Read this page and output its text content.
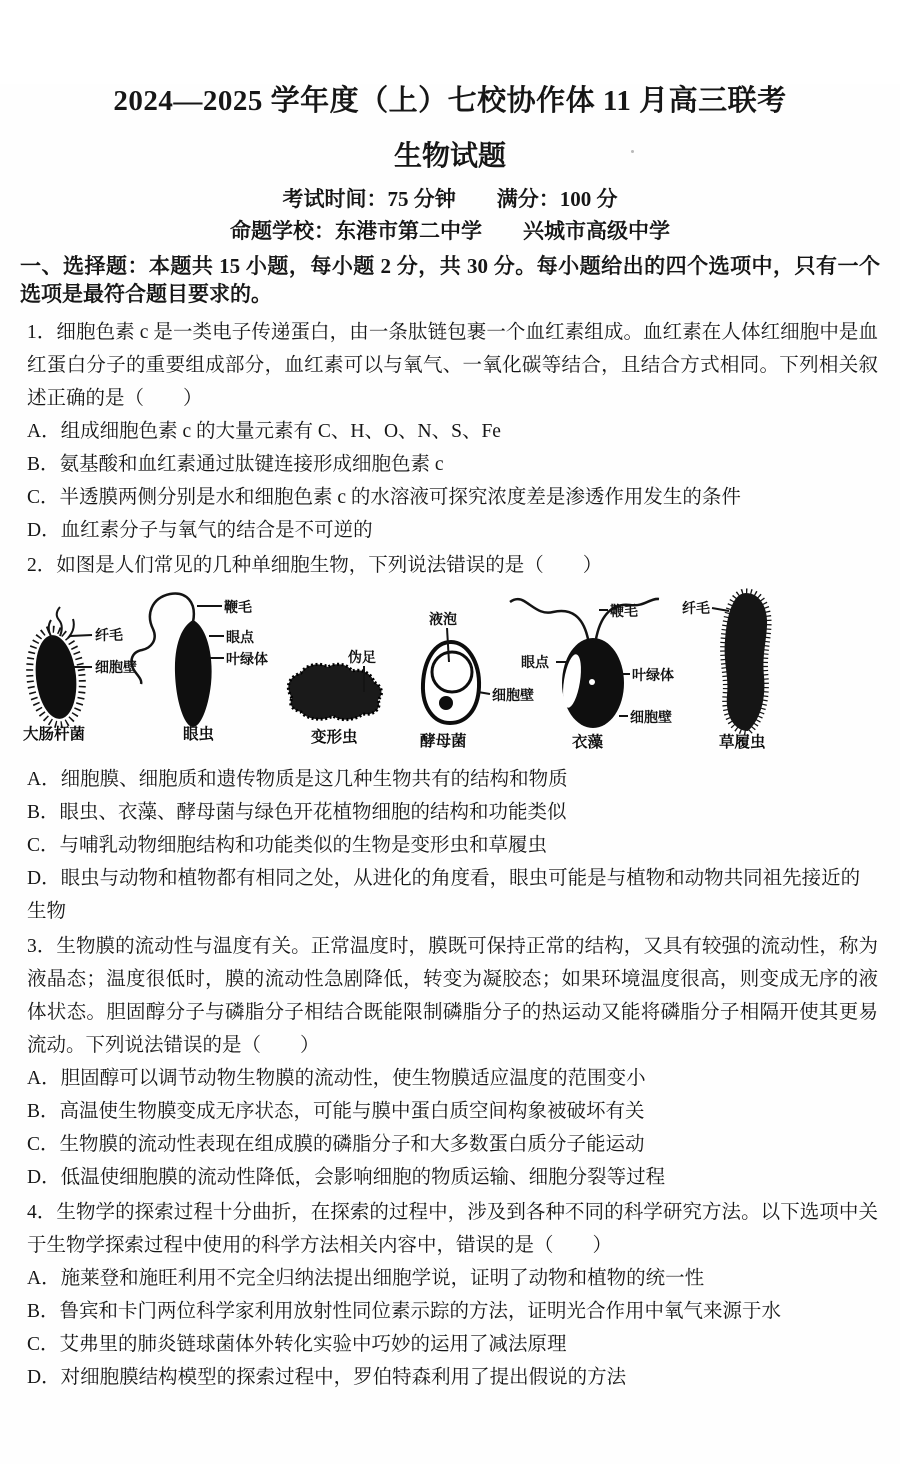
2024—2025 学年度（上）七校协作体 11 月高三联考
生物试题
考试时间：75 分钟 满分：100 分
命题学校：东港市第二中学 兴城市高级中学

一、选择题：本题共 15 小题，每小题 2 分，共 30 分。每小题给出的四个选项中，只有一个选项是最符合题目要求的。

1．细胞色素 c 是一类电子传递蛋白，由一条肽链包裹一个血红素组成。血红素在人体红细胞中是血红蛋白分子的重要组成部分，血红素可以与氧气、一氧化碳等结合，且结合方式相同。下列相关叙述正确的是（　　）

A．组成细胞色素 c 的大量元素有 C、H、O、N、S、Fe

B．氨基酸和血红素通过肽键连接形成细胞色素 c

C．半透膜两侧分别是水和细胞色素 c 的水溶液可探究浓度差是渗透作用发生的条件

D．血红素分子与氧气的结合是不可逆的

2．如图是人们常见的几种单细胞生物，下列说法错误的是（　　）

纤毛
细胞壁
大肠杆菌
鞭毛
眼点
叶绿体
眼虫
伪足
变形虫
液泡
细胞壁
酵母菌
鞭毛
眼点
叶绿体
细胞壁
衣藻
纤毛
草履虫

A．细胞膜、细胞质和遗传物质是这几种生物共有的结构和物质

B．眼虫、衣藻、酵母菌与绿色开花植物细胞的结构和功能类似

C．与哺乳动物细胞结构和功能类似的生物是变形虫和草履虫

D．眼虫与动物和植物都有相同之处，从进化的角度看，眼虫可能是与植物和动物共同祖先接近的生物

3．生物膜的流动性与温度有关。正常温度时，膜既可保持正常的结构，又具有较强的流动性，称为液晶态；温度很低时，膜的流动性急剧降低，转变为凝胶态；如果环境温度很高，则变成无序的液体状态。胆固醇分子与磷脂分子相结合既能限制磷脂分子的热运动又能将磷脂分子相隔开使其更易流动。下列说法错误的是（　　）

A．胆固醇可以调节动物生物膜的流动性，使生物膜适应温度的范围变小

B．高温使生物膜变成无序状态，可能与膜中蛋白质空间构象被破坏有关

C．生物膜的流动性表现在组成膜的磷脂分子和大多数蛋白质分子能运动

D．低温使细胞膜的流动性降低，会影响细胞的物质运输、细胞分裂等过程

4．生物学的探索过程十分曲折，在探索的过程中，涉及到各种不同的科学研究方法。以下选项中关于生物学探索过程中使用的科学方法相关内容中，错误的是（　　）

A．施莱登和施旺利用不完全归纳法提出细胞学说，证明了动物和植物的统一性

B．鲁宾和卡门两位科学家利用放射性同位素示踪的方法，证明光合作用中氧气来源于水

C．艾弗里的肺炎链球菌体外转化实验中巧妙的运用了减法原理

D．对细胞膜结构模型的探索过程中，罗伯特森利用了提出假说的方法
